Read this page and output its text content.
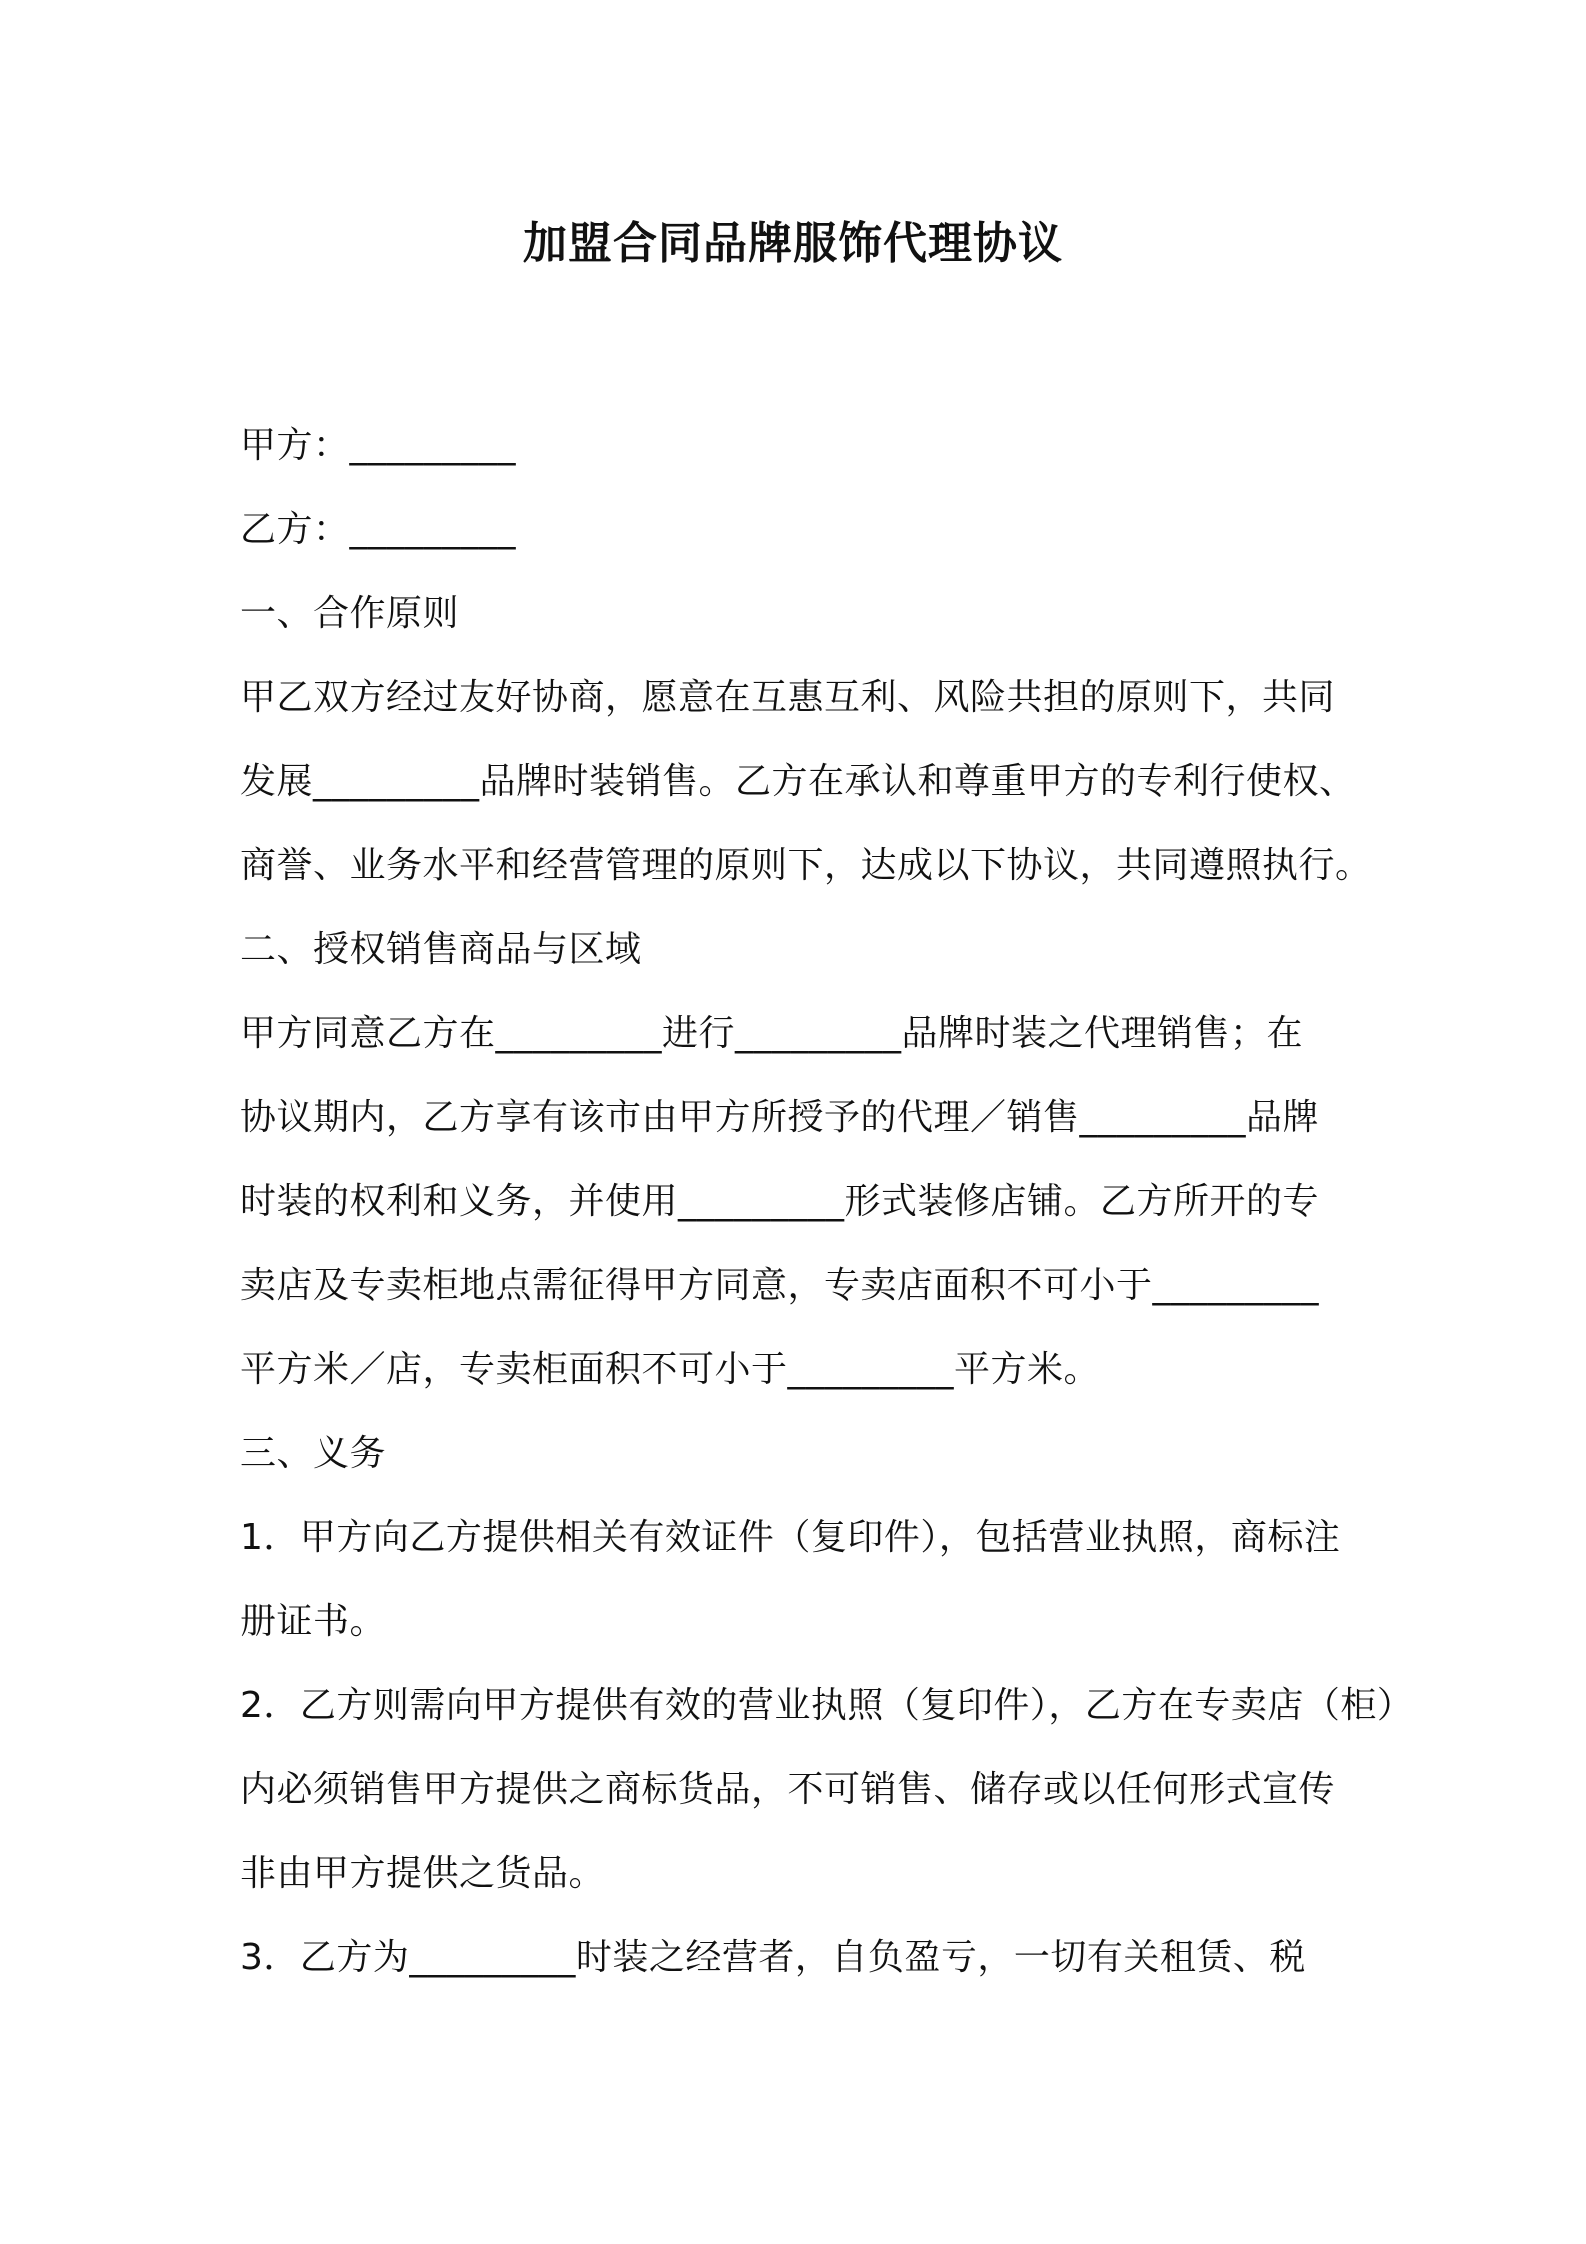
加盟合同品牌服饰代理协议
甲方：_________
乙方：_________
一、合作原则
甲乙双方经过友好协商，愿意在互惠互利、风险共担的原则下，共同
发展_________品牌时装销售。乙方在承认和尊重甲方的专利行使权、
商誉、业务水平和经营管理的原则下，达成以下协议，共同遵照执行。
二、授权销售商品与区域
甲方同意乙方在_________进行_________品牌时装之代理销售；在
协议期内，乙方享有该市由甲方所授予的代理／销售_________品牌
时装的权利和义务，并使用_________形式装修店铺。乙方所开的专
卖店及专卖柜地点需征得甲方同意，专卖店面积不可小于_________
平方米／店，专卖柜面积不可小于_________平方米。
三、义务
1．甲方向乙方提供相关有效证件（复印件），包括营业执照，商标注
册证书。
2．乙方则需向甲方提供有效的营业执照（复印件），乙方在专卖店（柜）
内必须销售甲方提供之商标货品，不可销售、储存或以任何形式宣传
非由甲方提供之货品。
3．乙方为_________时装之经营者，自负盈亏，一切有关租赁、税
